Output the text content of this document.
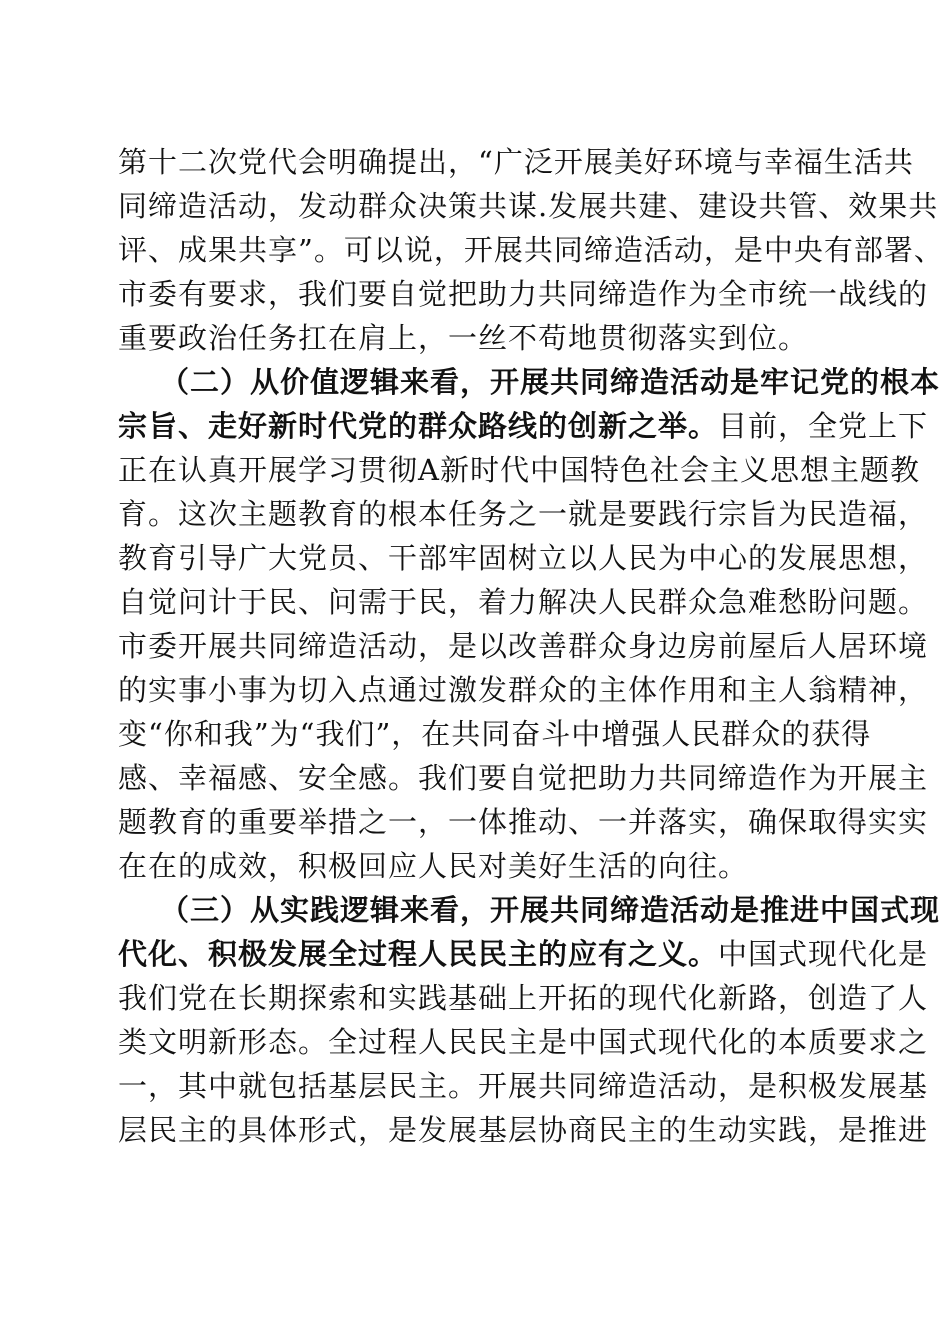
第十二次党代会明确提出，“广泛开展美好环境与幸福生活共
同缔造活动，发动群众决策共谋.发展共建、建设共管、效果共
评、成果共享”。可以说，开展共同缔造活动，是中央有部署、
市委有要求，我们要自觉把助力共同缔造作为全市统一战线的
重要政治任务扛在肩上，一丝不苟地贯彻落实到位。
（二）从价值逻辑来看，开展共同缔造活动是牢记党的根本
宗旨、走好新时代党的群众路线的创新之举。目前，全党上下
正在认真开展学习贯彻A新时代中国特色社会主义思想主题教
育。这次主题教育的根本任务之一就是要践行宗旨为民造福，
教育引导广大党员、干部牢固树立以人民为中心的发展思想，
自觉问计于民、问需于民，着力解决人民群众急难愁盼问题。
市委开展共同缔造活动，是以改善群众身边房前屋后人居环境
的实事小事为切入点通过激发群众的主体作用和主人翁精神，
变“你和我”为“我们”，在共同奋斗中增强人民群众的获得
感、幸福感、安全感。我们要自觉把助力共同缔造作为开展主
题教育的重要举措之一，一体推动、一并落实，确保取得实实
在在的成效，积极回应人民对美好生活的向往。
（三）从实践逻辑来看，开展共同缔造活动是推进中国式现
代化、积极发展全过程人民民主的应有之义。中国式现代化是
我们党在长期探索和实践基础上开拓的现代化新路，创造了人
类文明新形态。全过程人民民主是中国式现代化的本质要求之
一，其中就包括基层民主。开展共同缔造活动，是积极发展基
层民主的具体形式，是发展基层协商民主的生动实践，是推进
